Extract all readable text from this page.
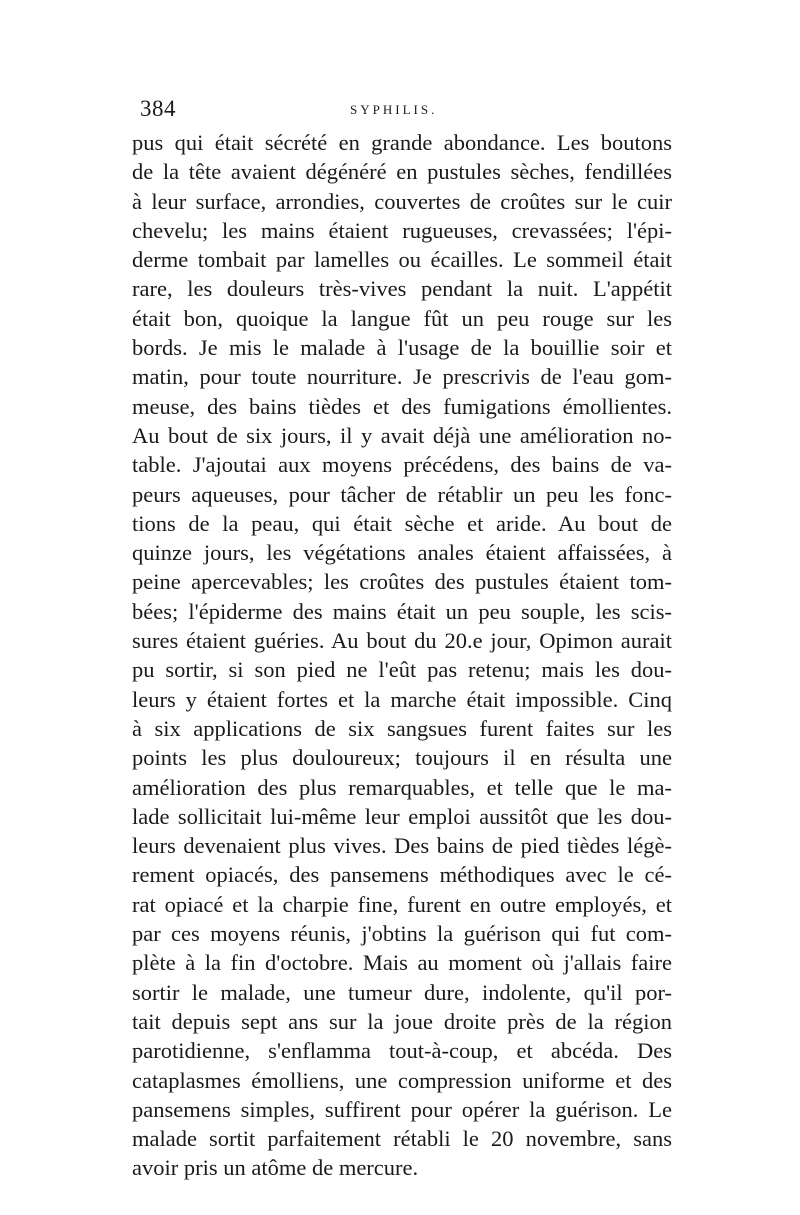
384	SYPHILIS.
pus qui était sécrété en grande abondance. Les boutons
de la tête avaient dégénéré en pustules sèches, fendillées
à leur surface, arrondies, couvertes de croûtes sur le cuir
chevelu; les mains étaient rugueuses, crevassées; l'épi-
derme tombait par lamelles ou écailles. Le sommeil était
rare, les douleurs très-vives pendant la nuit. L'appétit
était bon, quoique la langue fût un peu rouge sur les
bords. Je mis le malade à l'usage de la bouillie soir et
matin, pour toute nourriture. Je prescrivis de l'eau gom-
meuse, des bains tièdes et des fumigations émollientes.
Au bout de six jours, il y avait déjà une amélioration no-
table. J'ajoutai aux moyens précédens, des bains de va-
peurs aqueuses, pour tâcher de rétablir un peu les fonc-
tions de la peau, qui était sèche et aride. Au bout de
quinze jours, les végétations anales étaient affaissées, à
peine apercevables; les croûtes des pustules étaient tom-
bées; l'épiderme des mains était un peu souple, les scis-
sures étaient guéries. Au bout du 20.e jour, Opimon aurait
pu sortir, si son pied ne l'eût pas retenu; mais les dou-
leurs y étaient fortes et la marche était impossible. Cinq
à six applications de six sangsues furent faites sur les
points les plus douloureux; toujours il en résulta une
amélioration des plus remarquables, et telle que le ma-
lade sollicitait lui-même leur emploi aussitôt que les dou-
leurs devenaient plus vives. Des bains de pied tièdes légè-
rement opiacés, des pansemens méthodiques avec le cé-
rat opiacé et la charpie fine, furent en outre employés, et
par ces moyens réunis, j'obtins la guérison qui fut com-
plète à la fin d'octobre. Mais au moment où j'allais faire
sortir le malade, une tumeur dure, indolente, qu'il por-
tait depuis sept ans sur la joue droite près de la région
parotidienne, s'enflamma tout-à-coup, et abcéda. Des
cataplasmes émolliens, une compression uniforme et des
pansemens simples, suffirent pour opérer la guérison. Le
malade sortit parfaitement rétabli le 20 novembre, sans
avoir pris un atôme de mercure.
